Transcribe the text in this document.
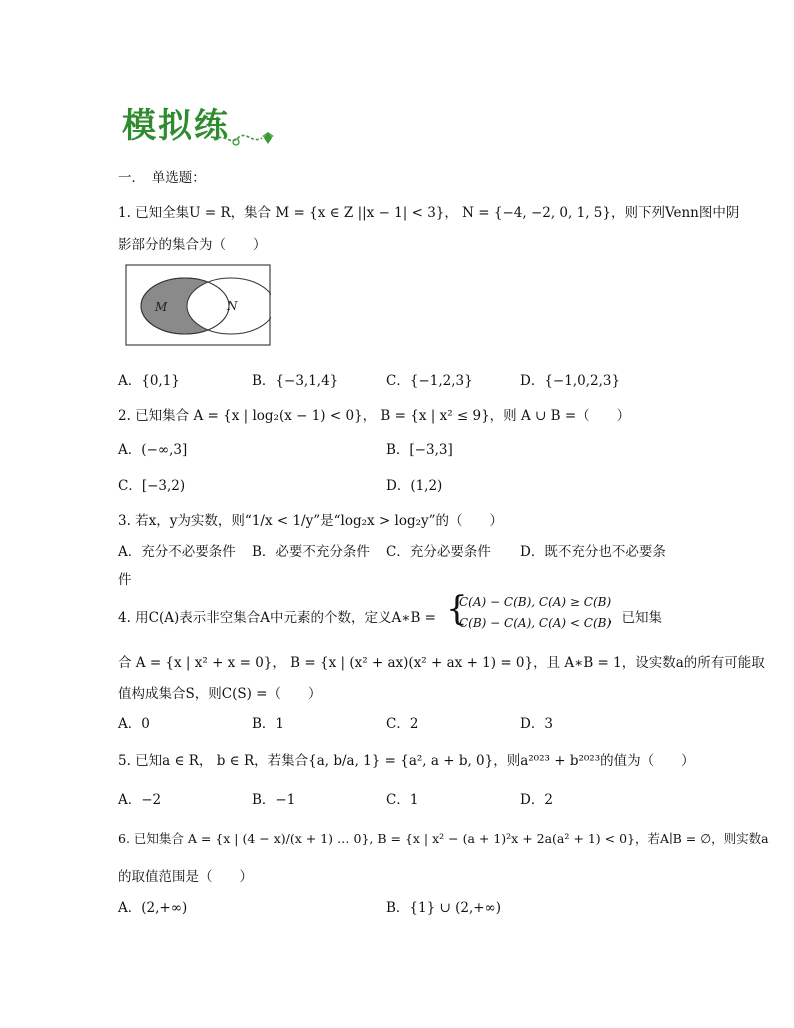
模拟练
一．　单选题：
1. 已知全集U = R，集合 M = {x ∈ Z ||x − 1| < 3}， N = {−4, −2, 0, 1, 5}，则下列Venn图中阴
影部分的集合为（　　）
M	N
A．{0,1}	B．{−3,1,4}	C．{−1,2,3}	D．{−1,0,2,3}
2. 已知集合 A = {x | log₂(x − 1) < 0}， B = {x | x² ≤ 9}，则 A ∪ B =（　　）
A．(−∞,3]	B．[−3,3]
C．[−3,2)	D．(1,2)
3. 若x，y为实数，则“1/x < 1/y”是“log₂x > log₂y”的（　　）
A．充分不必要条件 B．必要不充分条件 C．充分必要条件 D．既不充分也不必要条
件
4. 用C(A)表示非空集合A中元素的个数，定义A∗B = {
C(A) − C(B), C(A) ≥ C(B)
C(B) − C(A), C(A) < C(B)
，已知集
合 A = {x | x² + x = 0}， B = {x | (x² + ax)(x² + ax + 1) = 0}，且 A∗B = 1，设实数a的所有可能取
值构成集合S，则C(S) =（　　）
A．0	B．1	C．2	D．3
5. 已知a ∈ R， b ∈ R，若集合{a, b/a, 1} = {a², a + b, 0}，则a²⁰²³ + b²⁰²³的值为（　　）
A．−2	B．−1	C．1	D．2
6. 已知集合 A = {x | (4 − x)/(x + 1) … 0}, B = {x | x² − (a + 1)²x + 2a(a² + 1) < 0}，若A∣B = ∅，则实数a
的取值范围是（　　）
A．(2,+∞)	B．{1} ∪ (2,+∞)
